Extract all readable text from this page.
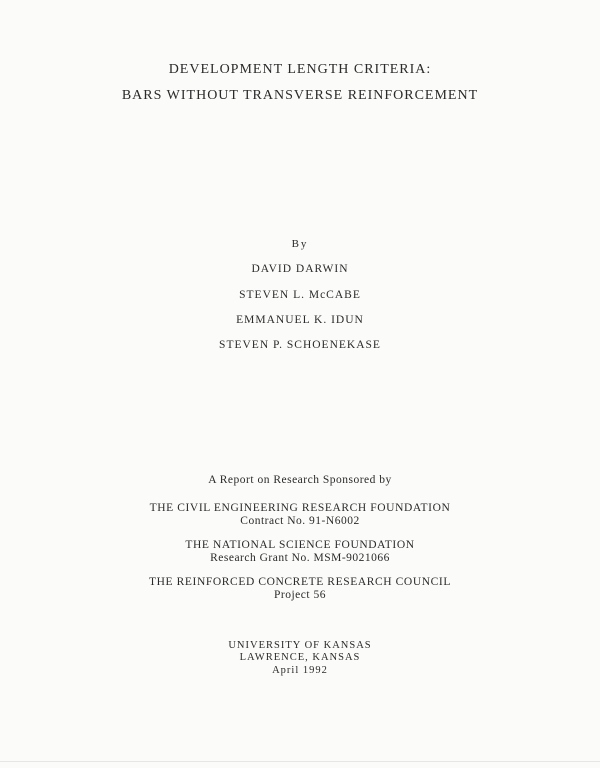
DEVELOPMENT LENGTH CRITERIA:
BARS WITHOUT TRANSVERSE REINFORCEMENT
By
DAVID DARWIN
STEVEN L. McCABE
EMMANUEL K. IDUN
STEVEN P. SCHOENEKASE
A Report on Research Sponsored by
THE CIVIL ENGINEERING RESEARCH FOUNDATION
Contract No. 91-N6002
THE NATIONAL SCIENCE FOUNDATION
Research Grant No. MSM-9021066
THE REINFORCED CONCRETE RESEARCH COUNCIL
Project 56
UNIVERSITY OF KANSAS
LAWRENCE, KANSAS
April 1992
